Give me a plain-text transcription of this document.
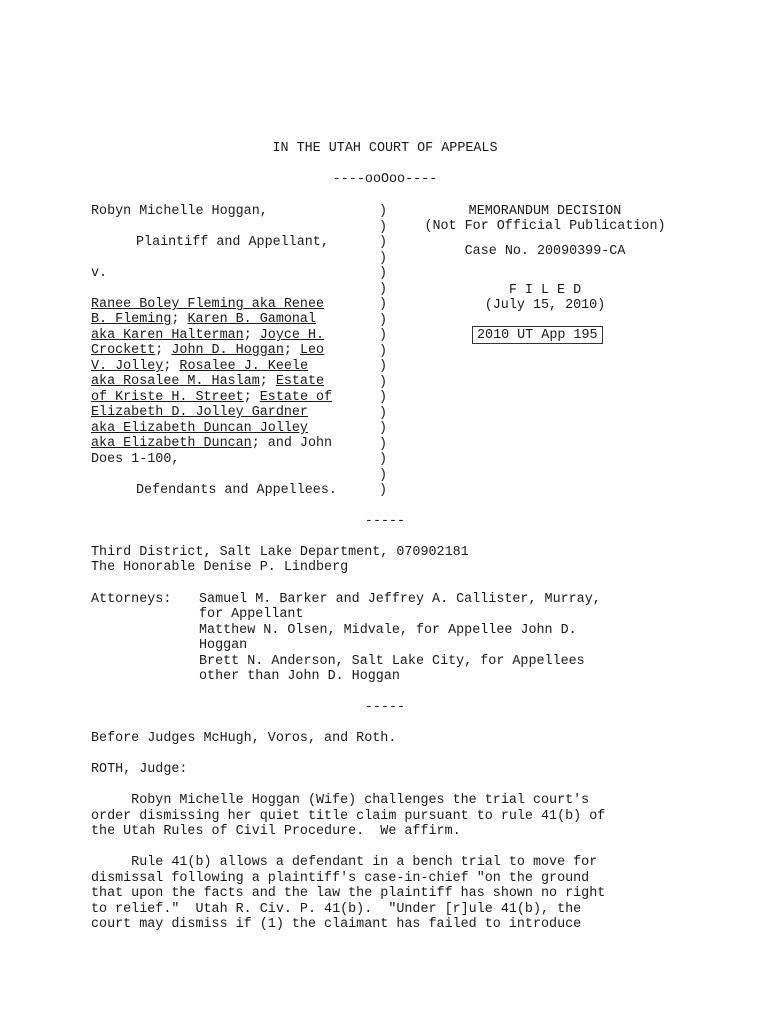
IN THE UTAH COURT OF APPEALS
----ooOoo----
Robyn Michelle Hoggan,
Plaintiff and Appellant,
v.
Ranee Boley Fleming aka Renee
B. Fleming; Karen B. Gamonal
aka Karen Halterman; Joyce H.
Crockett; John D. Hoggan; Leo
V. Jolley; Rosalee J. Keele
aka Rosalee M. Haslam; Estate
of Kriste H. Street; Estate of
Elizabeth D. Jolley Gardner
aka Elizabeth Duncan Jolley
aka Elizabeth Duncan; and John
Does 1-100,
Defendants and Appellees.
)
)
)
)
)
)
)
)
)
)
)
)
)
)
)
)
)
)
)
MEMORANDUM DECISION
(Not For Official Publication)
Case No. 20090399-CA
F I L E D
(July 15, 2010)
2010 UT App 195
-----
Third District, Salt Lake Department, 070902181
The Honorable Denise P. Lindberg
Attorneys: Samuel M. Barker and Jeffrey A. Callister, Murray,
for Appellant
Matthew N. Olsen, Midvale, for Appellee John D.
Hoggan
Brett N. Anderson, Salt Lake City, for Appellees
other than John D. Hoggan
-----
Before Judges McHugh, Voros, and Roth.
ROTH, Judge:
Robyn Michelle Hoggan (Wife) challenges the trial court's
order dismissing her quiet title claim pursuant to rule 41(b) of
the Utah Rules of Civil Procedure.  We affirm.
Rule 41(b) allows a defendant in a bench trial to move for
dismissal following a plaintiff's case-in-chief "on the ground
that upon the facts and the law the plaintiff has shown no right
to relief."  Utah R. Civ. P. 41(b).  "Under [r]ule 41(b), the
court may dismiss if (1) the claimant has failed to introduce
